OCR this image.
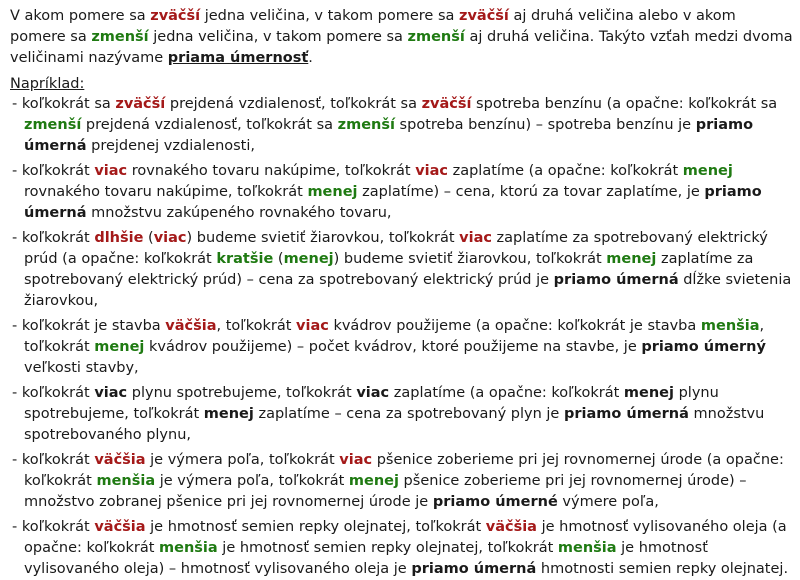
V akom pomere sa zväčší jedna veličina, v takom pomere sa zväčší aj druhá veličina alebo v akom pomere sa zmenší jedna veličina, v takom pomere sa zmenší aj druhá veličina. Takýto vzťah medzi dvoma veličinami nazývame priama úmernosť.

Napríklad:

- koľkokrát sa zväčší prejdená vzdialenosť, toľkokrát sa zväčší spotreba benzínu (a opačne: koľkokrát sa zmenší prejdená vzdialenosť, toľkokrát sa zmenší spotreba benzínu) – spotreba benzínu je priamo úmerná prejdenej vzdialenosti,

- koľkokrát viac rovnakého tovaru nakúpime, toľkokrát viac zaplatíme (a opačne: koľkokrát menej rovnakého tovaru nakúpime, toľkokrát menej zaplatíme) – cena, ktorú za tovar zaplatíme, je priamo úmerná množstvu zakúpeného rovnakého tovaru,

- koľkokrát dlhšie (viac) budeme svietiť žiarovkou, toľkokrát viac zaplatíme za spotrebovaný elektrický prúd (a opačne: koľkokrát kratšie (menej) budeme svietiť žiarovkou, toľkokrát menej zaplatíme za spotrebovaný elektrický prúd) – cena za spotrebovaný elektrický prúd je priamo úmerná dĺžke svietenia žiarovkou,

- koľkokrát je stavba väčšia, toľkokrát viac kvádrov použijeme (a opačne: koľkokrát je stavba menšia, toľkokrát menej kvádrov použijeme) – počet kvádrov, ktoré použijeme na stavbe, je priamo úmerný veľkosti stavby,

- koľkokrát viac plynu spotrebujeme, toľkokrát viac zaplatíme (a opačne: koľkokrát menej plynu spotrebujeme, toľkokrát menej zaplatíme – cena za spotrebovaný plyn je priamo úmerná množstvu spotrebovaného plynu,

- koľkokrát väčšia je výmera poľa, toľkokrát viac pšenice zoberieme pri jej rovnomernej úrode (a opačne: koľkokrát menšia je výmera poľa, toľkokrát menej pšenice zoberieme pri jej rovnomernej úrode) – množstvo zobranej pšenice pri jej rovnomernej úrode je priamo úmerné výmere poľa,

- koľkokrát väčšia je hmotnosť semien repky olejnatej, toľkokrát väčšia je hmotnosť vylisovaného oleja (a opačne: koľkokrát menšia je hmotnosť semien repky olejnatej, toľkokrát menšia je hmotnosť vylisovaného oleja) – hmotnosť vylisovaného oleja je priamo úmerná hmotnosti semien repky olejnatej.
